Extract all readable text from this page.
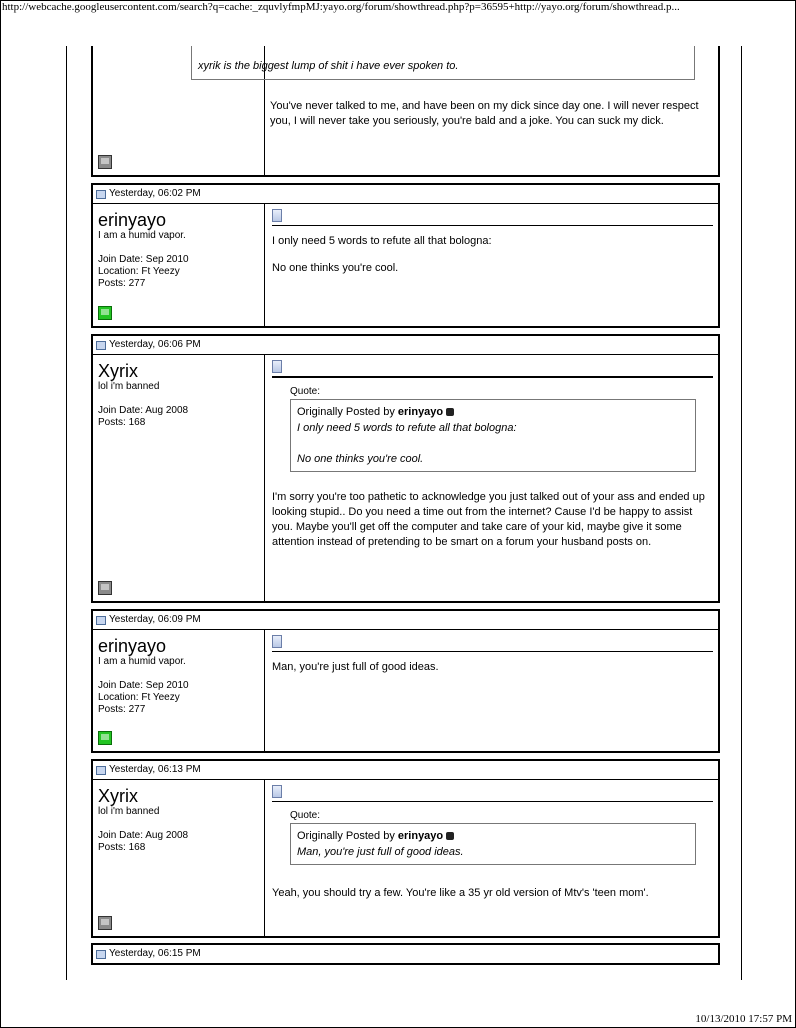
http://webcache.googleusercontent.com/search?q=cache:_zquvlyfmpMJ:yayo.org/forum/showthread.php?p=36595+http://yayo.org/forum/showthread.p...
xyrik is the biggest lump of shit i have ever spoken to.
You've never talked to me, and have been on my dick since day one. I will never respect you, I will never take you seriously, you're bald and a joke. You can suck my dick.
Yesterday, 06:02 PM
erinyayo
I am a humid vapor.
Join Date: Sep 2010
Location: Ft Yeezy
Posts: 277
I only need 5 words to refute all that bologna:
No one thinks you're cool.
Yesterday, 06:06 PM
Xyrix
lol i'm banned
Join Date: Aug 2008
Posts: 168
Quote:
Originally Posted by erinyayo
I only need 5 words to refute all that bologna:
No one thinks you're cool.
I'm sorry you're too pathetic to acknowledge you just talked out of your ass and ended up looking stupid.. Do you need a time out from the internet? Cause I'd be happy to assist you. Maybe you'll get off the computer and take care of your kid, maybe give it some attention instead of pretending to be smart on a forum your husband posts on.
Yesterday, 06:09 PM
erinyayo
I am a humid vapor.
Join Date: Sep 2010
Location: Ft Yeezy
Posts: 277
Man, you're just full of good ideas.
Yesterday, 06:13 PM
Xyrix
lol i'm banned
Join Date: Aug 2008
Posts: 168
Quote:
Originally Posted by erinyayo
Man, you're just full of good ideas.
Yeah, you should try a few. You're like a 35 yr old version of Mtv's 'teen mom'.
Yesterday, 06:15 PM
10/13/2010 17:57 PM
